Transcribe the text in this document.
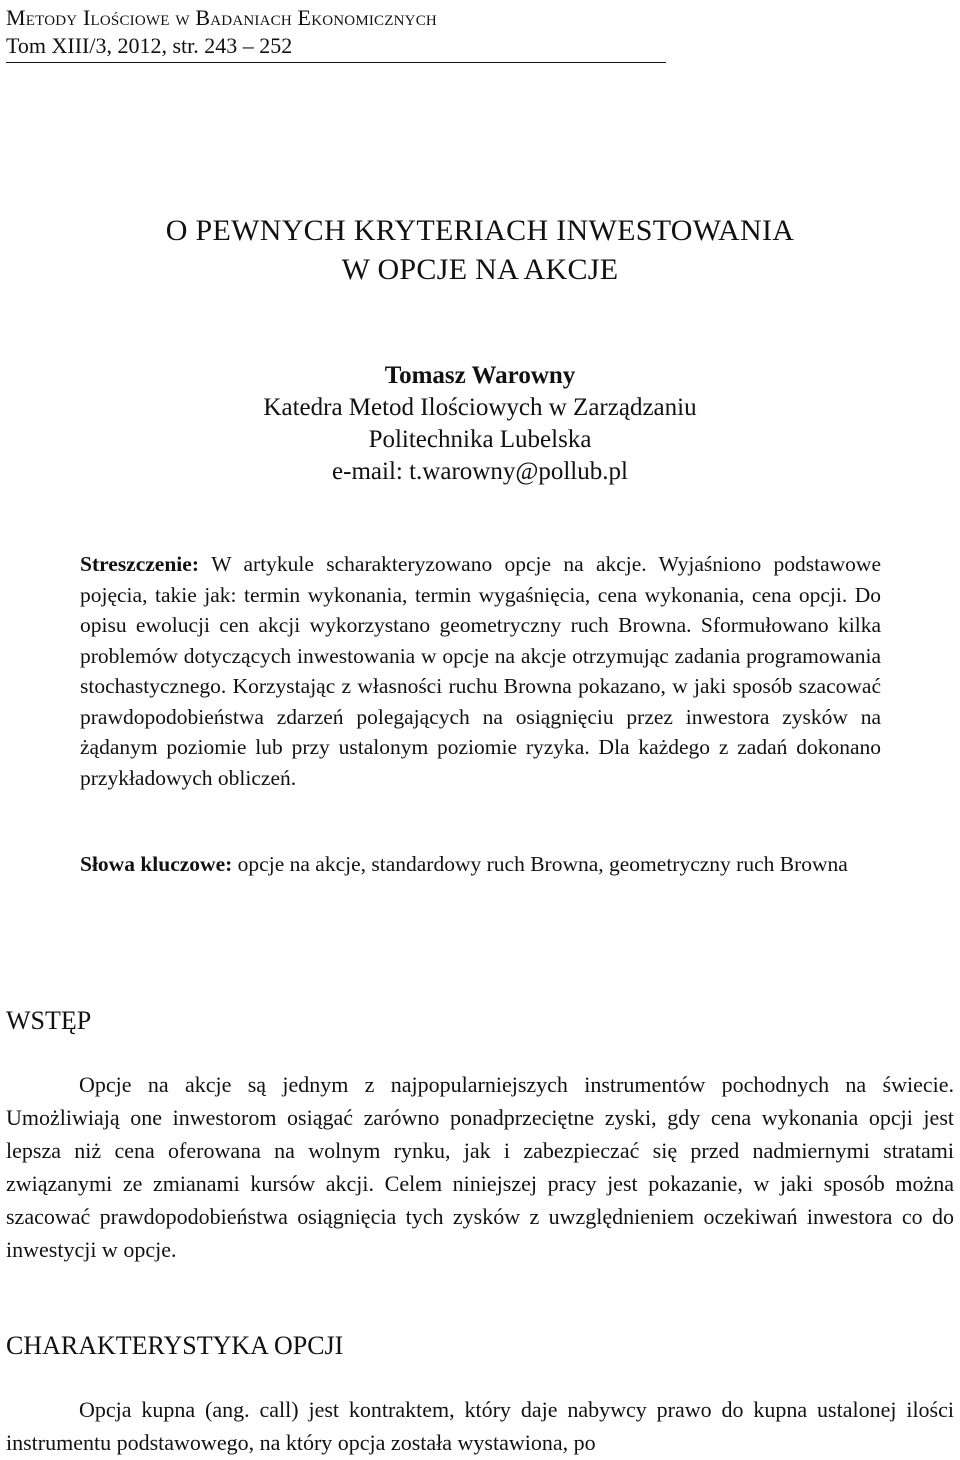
Metody Ilościowe w Badaniach Ekonomicznych
Tom XIII/3, 2012, str. 243 – 252
O PEWNYCH KRYTERIACH INWESTOWANIA
W OPCJE NA AKCJE
Tomasz Warowny
Katedra Metod Ilościowych w Zarządzaniu
Politechnika Lubelska
e-mail: t.warowny@pollub.pl
Streszczenie: W artykule scharakteryzowano opcje na akcje. Wyjaśniono podstawowe pojęcia, takie jak: termin wykonania, termin wygaśnięcia, cena wykonania, cena opcji. Do opisu ewolucji cen akcji wykorzystano geometryczny ruch Browna. Sformułowano kilka problemów dotyczących inwestowania w opcje na akcje otrzymując zadania programowania stochastycznego. Korzystając z własności ruchu Browna pokazano, w jaki sposób szacować prawdopodobieństwa zdarzeń polegających na osiągnięciu przez inwestora zysków na żądanym poziomie lub przy ustalonym poziomie ryzyka. Dla każdego z zadań dokonano przykładowych obliczeń.
Słowa kluczowe: opcje na akcje, standardowy ruch Browna, geometryczny ruch Browna
WSTĘP
Opcje na akcje są jednym z najpopularniejszych instrumentów pochodnych na świecie. Umożliwiają one inwestorom osiągać zarówno ponadprzeciętne zyski, gdy cena wykonania opcji jest lepsza niż cena oferowana na wolnym rynku, jak i zabezpieczać się przed nadmiernymi stratami związanymi ze zmianami kursów akcji. Celem niniejszej pracy jest pokazanie, w jaki sposób można szacować prawdopodobieństwa osiągnięcia tych zysków z uwzględnieniem oczekiwań inwestora co do inwestycji w opcje.
CHARAKTERYSTYKA OPCJI
Opcja kupna (ang. call) jest kontraktem, który daje nabywcy prawo do kupna ustalonej ilości instrumentu podstawowego, na który opcja została wystawiona, po
